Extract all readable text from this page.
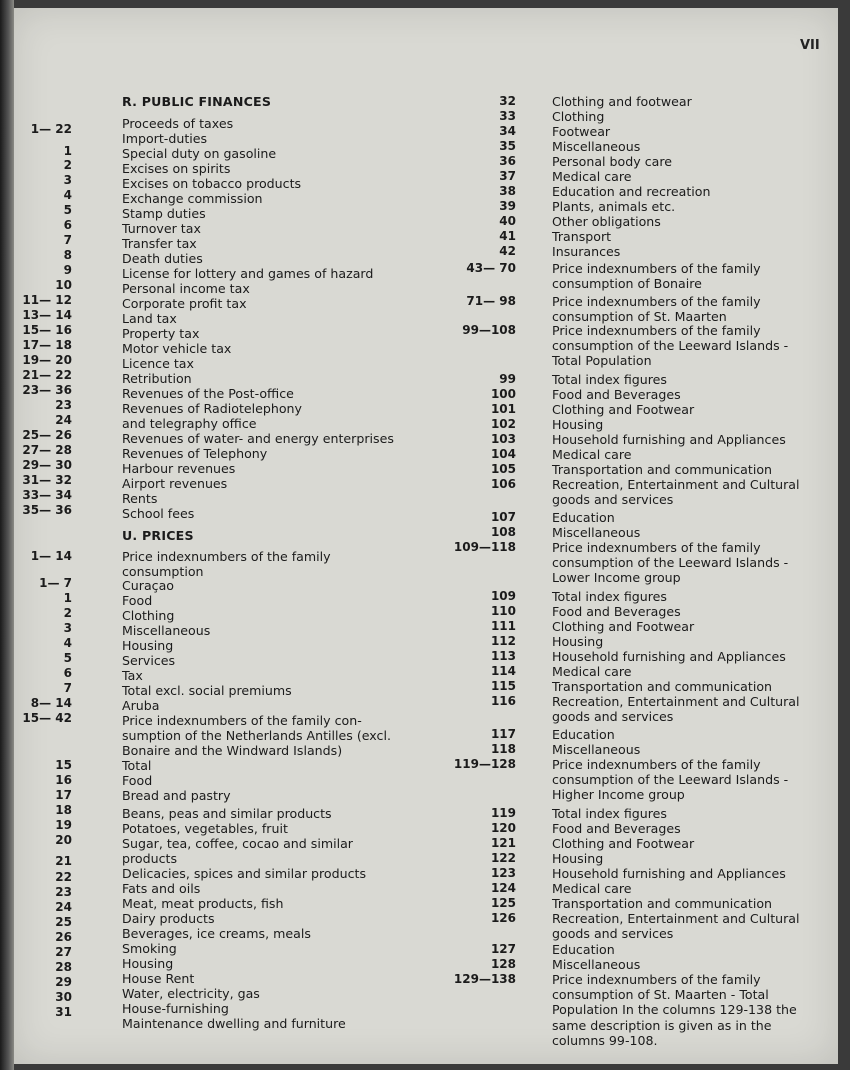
VII
1— 22
1
2
3
4
5
6
7
8
9
10
11— 12
13— 14
15— 16
17— 18
19— 20
21— 22
23— 36
23
24
25— 26
27— 28
29— 30
31— 32
33— 34
35— 36
1— 14
1— 7
1
2
3
4
5
6
7
8— 14
15— 42
15
16
17
18
19
20
21
22
23
24
25
26
27
28
29
30
31
R. PUBLIC FINANCES
Proceeds of taxes
Import-duties
Special duty on gasoline
Excises on spirits
Excises on tobacco products
Exchange commission
Stamp duties
Turnover tax
Transfer tax
Death duties
License for lottery and games of hazard
Personal income tax
Corporate profit tax
Land tax
Property tax
Motor vehicle tax
Licence tax
Retribution
Revenues of the Post-office
Revenues of Radiotelephony
and telegraphy office
Revenues of water- and energy enterprises
Revenues of Telephony
Harbour revenues
Airport revenues
Rents
School fees
U. PRICES
Price indexnumbers of the family
consumption
Curaçao
Food
Clothing
Miscellaneous
Housing
Services
Tax
Total excl. social premiums
Aruba
Price indexnumbers of the family con-
sumption of the Netherlands Antilles (excl.
Bonaire and the Windward Islands)
Total
Food
Bread and pastry
Beans, peas and similar products
Potatoes, vegetables, fruit
Sugar, tea, coffee, cocao and similar
products
Delicacies, spices and similar products
Fats and oils
Meat, meat products, fish
Dairy products
Beverages, ice creams, meals
Smoking
Housing
House Rent
Water, electricity, gas
House-furnishing
Maintenance dwelling and furniture
32
33
34
35
36
37
38
39
40
41
42
43— 70
71— 98
99—108
99
100
101
102
103
104
105
106
107
108
109—118
109
110
111
112
113
114
115
116
117
118
119—128
119
120
121
122
123
124
125
126
127
128
129—138
Clothing and footwear
Clothing
Footwear
Miscellaneous
Personal body care
Medical care
Education and recreation
Plants, animals etc.
Other obligations
Transport
Insurances
Price indexnumbers of the family consumption of Bonaire
Price indexnumbers of the family consumption of St. Maarten
Price indexnumbers of the family consumption of the Leeward Islands - Total Population
Total index figures
Food and Beverages
Clothing and Footwear
Housing
Household furnishing and Appliances
Medical care
Transportation and communication
Recreation, Entertainment and Cultural goods and services
Education
Miscellaneous
Price indexnumbers of the family consumption of the Leeward Islands - Lower Income group
Total index figures
Food and Beverages
Clothing and Footwear
Housing
Household furnishing and Appliances
Medical care
Transportation and communication
Recreation, Entertainment and Cultural goods and services
Education
Miscellaneous
Price indexnumbers of the family consumption of the Leeward Islands - Higher Income group
Total index figures
Food and Beverages
Clothing and Footwear
Housing
Household furnishing and Appliances
Medical care
Transportation and communication
Recreation, Entertainment and Cultural goods and services
Education
Miscellaneous
Price indexnumbers of the family consumption of St. Maarten - Total Population In the columns 129-138 the same description is given as in the columns 99-108.
